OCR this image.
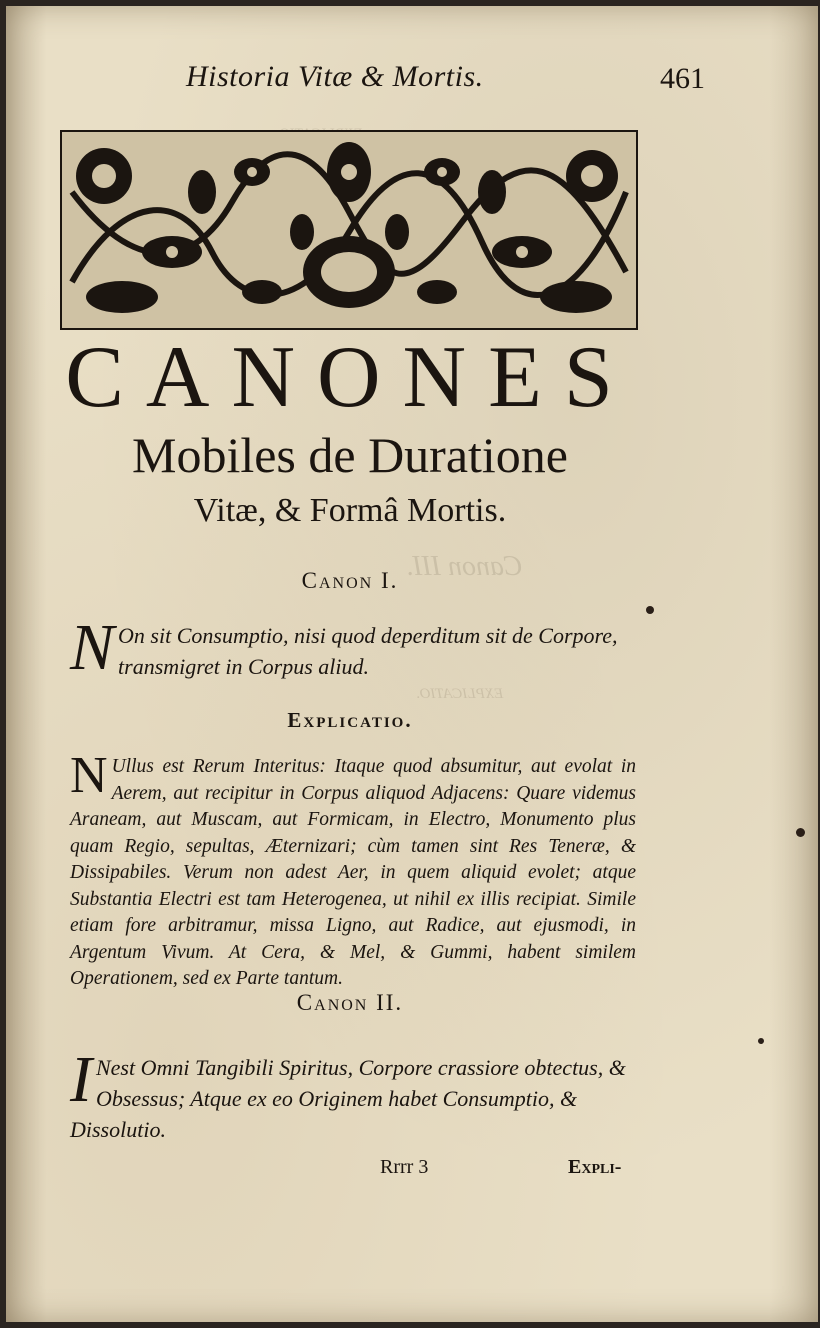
Canon III.
EXPLICATIO.
Historia Vitæ & Mortis.	461
CANONES
Mobiles de Duratione
Vitæ, & Formâ Mortis.
Canon I.
N On sit Consumptio, nisi quod deperditum sit de Corpore, transmigret in Corpus aliud.
Explicatio.
N Ullus est Rerum Interitus: Itaque quod absumitur, aut evolat in Aerem, aut recipitur in Corpus aliquod Adjacens: Quare videmus Araneam, aut Muscam, aut Formicam, in Electro, Monumento plus quam Regio, sepultas, Æternizari; cùm tamen sint Res Teneræ, & Dissipabiles. Verum non adest Aer, in quem aliquid evolet; atque Substantia Electri est tam Heterogenea, ut nihil ex illis recipiat. Simile etiam fore arbitramur, missa Ligno, aut Radice, aut ejusmodi, in Argentum Vivum. At Cera, & Mel, & Gummi, habent similem Operationem, sed ex Parte tantum.
Canon II.
I Nest Omni Tangibili Spiritus, Corpore crassiore obtectus, & Obsessus; Atque ex eo Originem habet Consumptio, & Dissolutio.
Rrrr 3	Expli-
